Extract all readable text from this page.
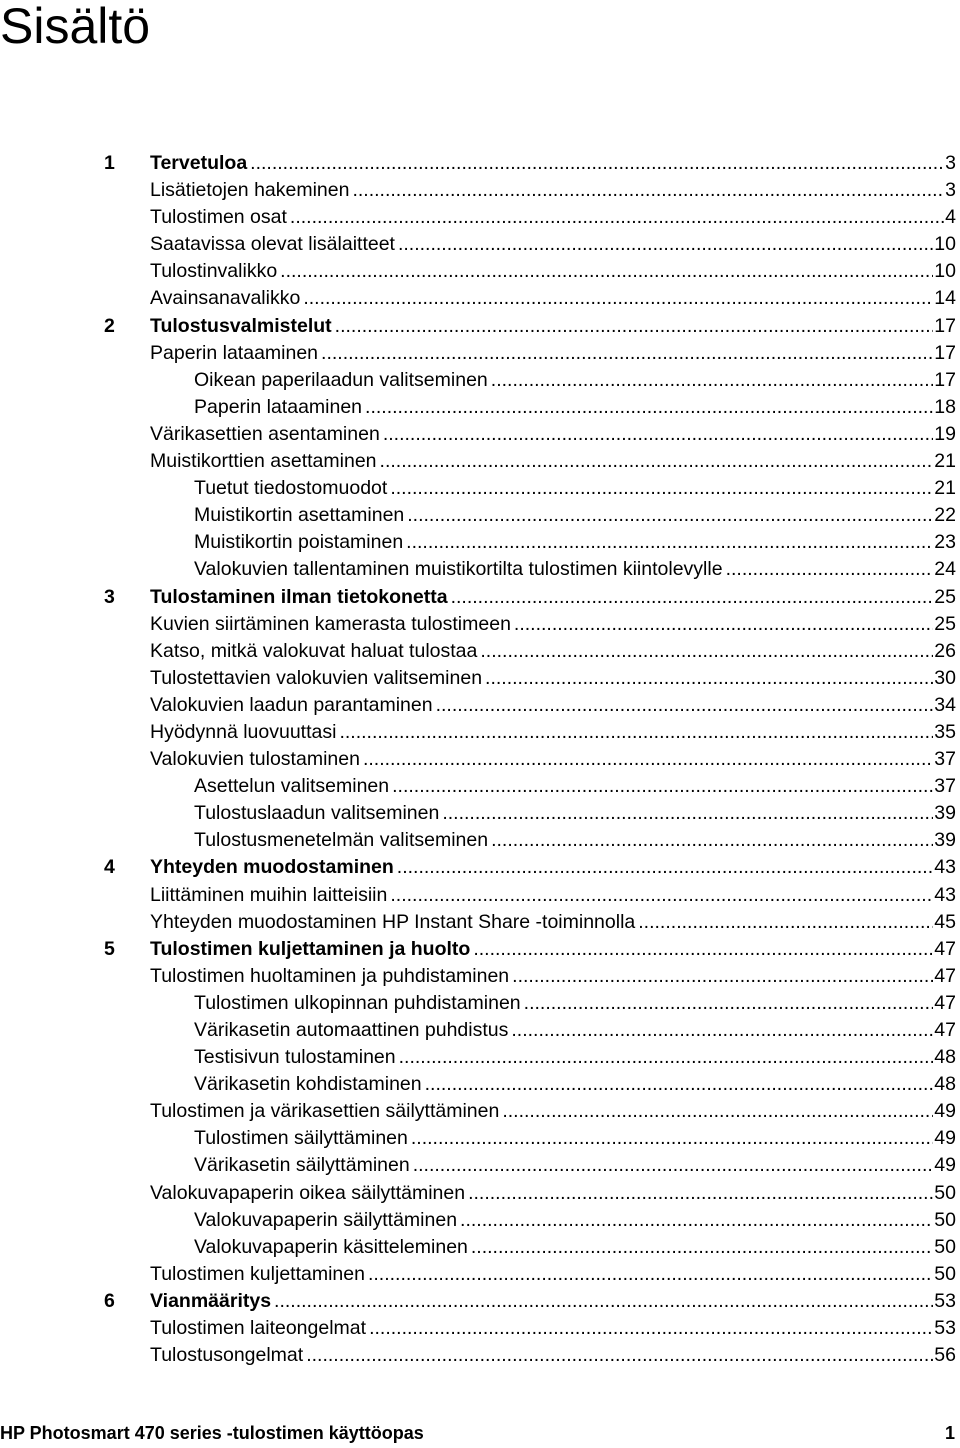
Sisältö
1 Tervetuloa .....	3
Lisätietojen hakeminen .....	3
Tulostimen osat .....	4
Saatavissa olevat lisälaitteet .....	10
Tulostinvalikko .....	10
Avainsanavalikko .....	14
2 Tulostusvalmistelut .....	17
Paperin lataaminen .....	17
Oikean paperilaadun valitseminen .....	17
Paperin lataaminen .....	18
Värikasettien asentaminen .....	19
Muistikorttien asettaminen .....	21
Tuetut tiedostomuodot .....	21
Muistikortin asettaminen .....	22
Muistikortin poistaminen .....	23
Valokuvien tallentaminen muistikortilta tulostimen kiintolevylle .....	24
3 Tulostaminen ilman tietokonetta .....	25
Kuvien siirtäminen kamerasta tulostimeen .....	25
Katso, mitkä valokuvat haluat tulostaa .....	26
Tulostettavien valokuvien valitseminen .....	30
Valokuvien laadun parantaminen .....	34
Hyödynnä luovuuttasi .....	35
Valokuvien tulostaminen .....	37
Asettelun valitseminen .....	37
Tulostuslaadun valitseminen .....	39
Tulostusmenetelmän valitseminen .....	39
4 Yhteyden muodostaminen .....	43
Liittäminen muihin laitteisiin .....	43
Yhteyden muodostaminen HP Instant Share -toiminnolla .....	45
5 Tulostimen kuljettaminen ja huolto .....	47
Tulostimen huoltaminen ja puhdistaminen .....	47
Tulostimen ulkopinnan puhdistaminen .....	47
Värikasetin automaattinen puhdistus .....	47
Testisivun tulostaminen .....	48
Värikasetin kohdistaminen .....	48
Tulostimen ja värikasettien säilyttäminen .....	49
Tulostimen säilyttäminen .....	49
Värikasetin säilyttäminen .....	49
Valokuvapaperin oikea säilyttäminen .....	50
Valokuvapaperin säilyttäminen .....	50
Valokuvapaperin käsitteleminen .....	50
Tulostimen kuljettaminen .....	50
6 Vianmääritys .....	53
Tulostimen laiteongelmat .....	53
Tulostusongelmat .....	56
HP Photosmart 470 series -tulostimen käyttöopas	1
